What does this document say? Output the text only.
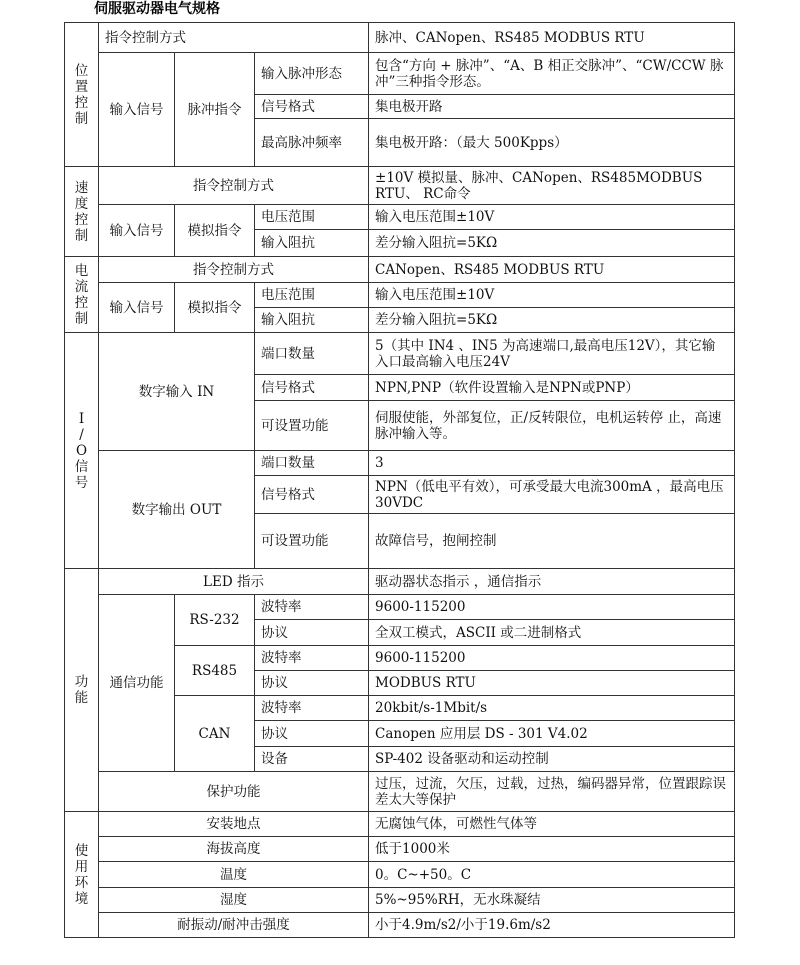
伺服驱动器电气规格
位
置
控
制	指令控制方式			脉冲、CANopen、RS485 MODBUS RTU
	输入信号	脉冲指令	输入脉冲形态	包含“方向 + 脉冲”、“A、B 相正交脉冲”、“CW/CCW 脉冲”三种指令形态。
			信号格式	集电极开路
			最高脉冲频率	集电极开路：（最大 500Kpps）

速
度
控
制	指令控制方式			±10V 模拟量、脉冲、CANopen、RS485MODBUS RTU、 RC命令
	输入信号	模拟指令	电压范围	输入电压范围±10V
			输入阻抗	差分输入阻抗=5KΩ

电
流
控
制	指令控制方式			CANopen、RS485 MODBUS RTU
	输入信号	模拟指令	电压范围	输入电压范围±10V
			输入阻抗	差分输入阻抗=5KΩ

I
/
O
信
号	数字输入 IN		端口数量	5（其中 IN4 、IN5 为高速端口,最高电压12V），其它输入口最高输入电压24V
			信号格式	NPN,PNP（软件设置输入是NPN或PNP）
			可设置功能	伺服使能，外部复位，正/反转限位，电机运转停 止，高速脉冲输入等。
	数字输出 OUT		端口数量	3
			信号格式	NPN（低电平有效），可承受最大电流300mA ，最高电压 30VDC
			可设置功能	故障信号，抱闸控制

功
能	LED 指示			驱动器状态指示 ，通信指示
	通信功能	RS-232	波特率	9600-115200
			协议	全双工模式，ASCII 或二进制格式
		RS485	波特率	9600-115200
			协议	MODBUS RTU
		CAN	波特率	20kbit/s-1Mbit/s
			协议	Canopen 应用层 DS - 301 V4.02
			设备	SP-402 设备驱动和运动控制
	保护功能			过压，过流，欠压，过载，过热，编码器异常，位置跟踪误差太大等保护

使
用
环
境	安装地点			无腐蚀气体，可燃性气体等
	海拔高度			低于1000米
	温度			0。C~+50。C
	湿度			5%~95%RH，无水珠凝结
	耐振动/耐冲击强度			小于4.9m/s2/小于19.6m/s2
